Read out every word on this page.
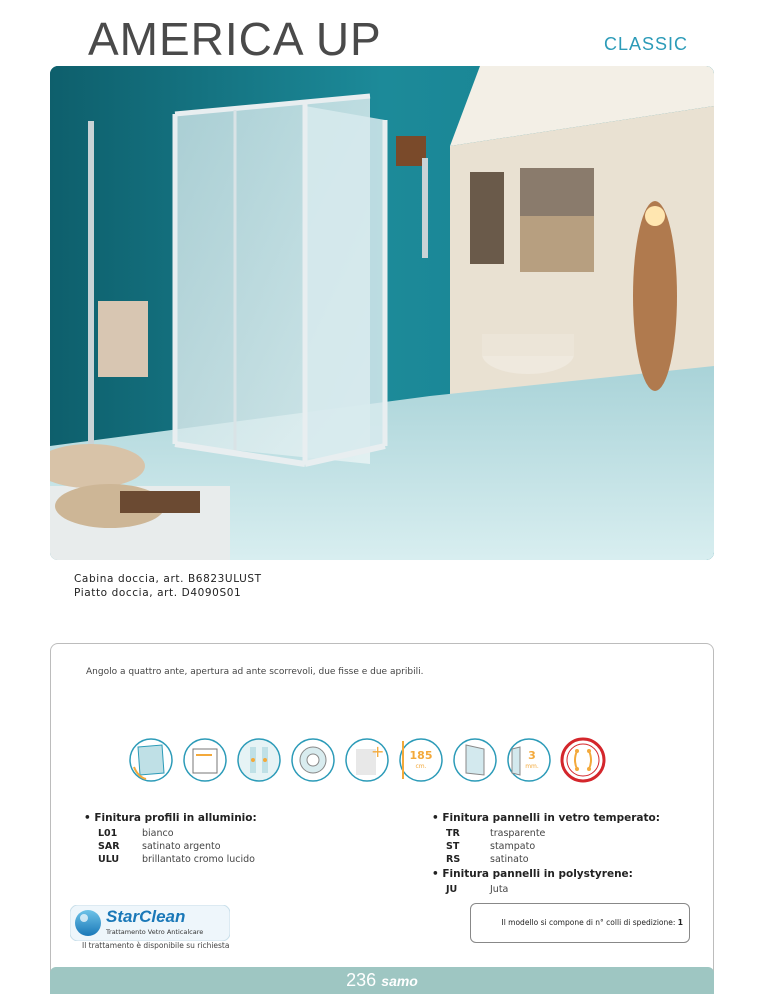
AMERICA UP	CLASSIC
Cabina doccia, art. B6823ULUST
Piatto doccia, art. D4090S01
Angolo a quattro ante, apertura ad ante scorrevoli, due fisse e due apribili.
+	185
cm.
3
mm.
• Finitura profili in alluminio:
L01	bianco
SAR	satinato argento
ULU	brillantato cromo lucido
• Finitura pannelli in vetro temperato:
TR	trasparente
ST	stampato
RS	satinato
• Finitura pannelli in polystyrene:
JU	Juta
StarClean
Trattamento Vetro Anticalcare
Il trattamento è disponibile su richiesta
Il modello si compone di n° colli di spedizione: 1
236 samo
